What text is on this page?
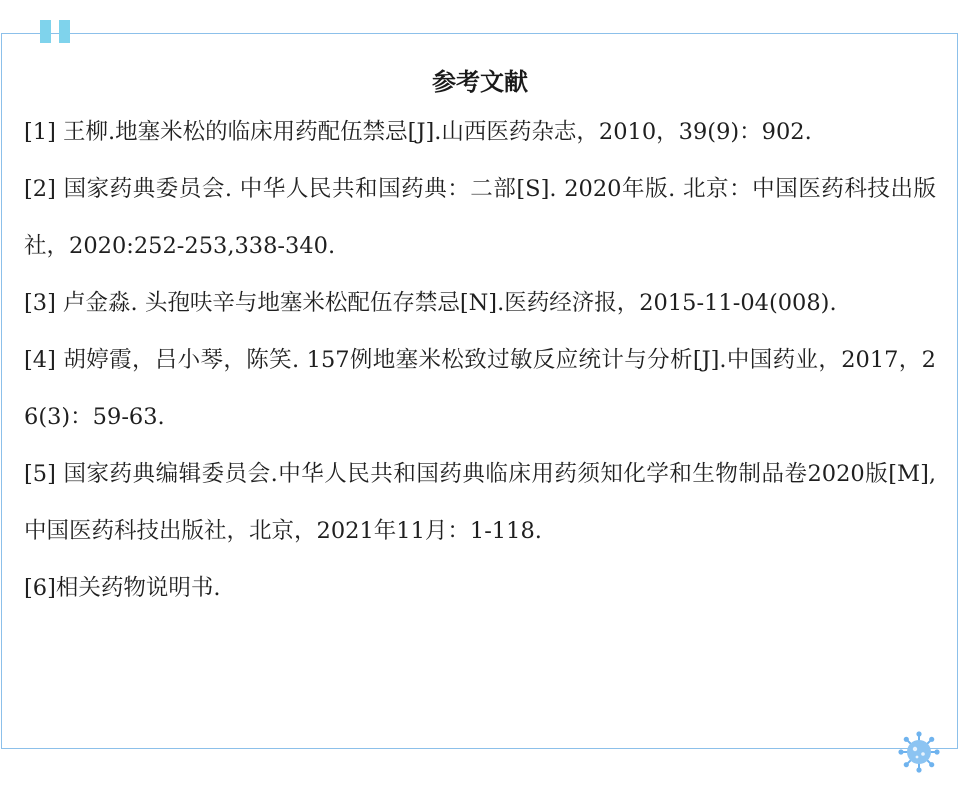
参考文献
[1] 王柳.地塞米松的临床用药配伍禁忌[J].山西医药杂志，2010，39(9)：902.
[2] 国家药典委员会. 中华人民共和国药典：二部[S]. 2020年版. 北京：中国医药科技出版社，2020:252-253,338-340.
[3] 卢金淼. 头孢呋辛与地塞米松配伍存禁忌[N].医药经济报，2015-11-04(008).
[4] 胡婷霞，吕小琴，陈笑. 157例地塞米松致过敏反应统计与分析[J].中国药业，2017，26(3)：59-63.
[5] 国家药典编辑委员会.中华人民共和国药典临床用药须知化学和生物制品卷2020版[M],中国医药科技出版社，北京，2021年11月：1-118.
[6]相关药物说明书.
